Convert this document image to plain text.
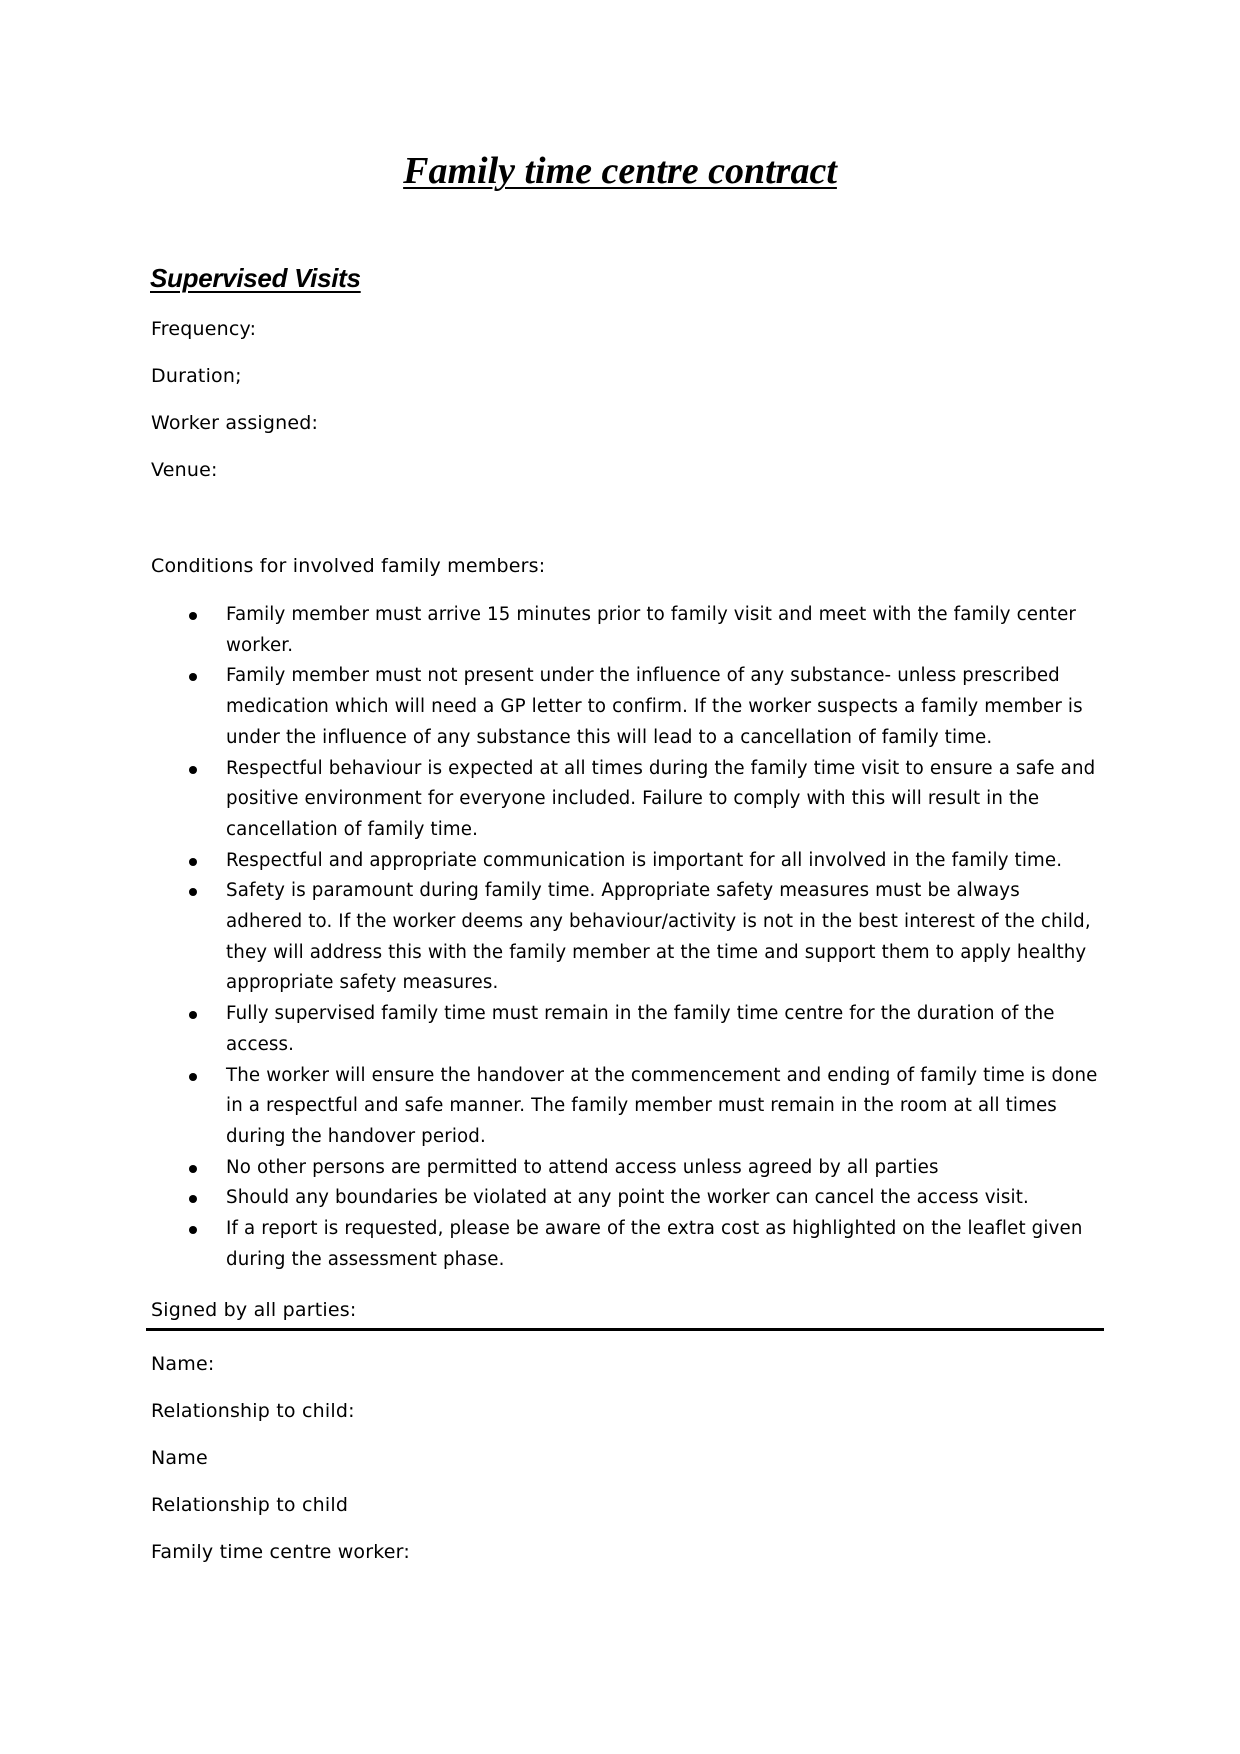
Family time centre contract
Supervised Visits
Frequency:
Duration;
Worker assigned:
Venue:
Conditions for involved family members:
Family member must arrive 15 minutes prior to family visit and meet with the family center worker.
Family member must not present under the influence of any substance- unless prescribed medication which will need a GP letter to confirm. If the worker suspects a family member is under the influence of any substance this will lead to a cancellation of family time.
Respectful behaviour is expected at all times during the family time visit to ensure a safe and positive environment for everyone included. Failure to comply with this will result in the cancellation of family time.
Respectful and appropriate communication is important for all involved in the family time.
Safety is paramount during family time. Appropriate safety measures must be always adhered to. If the worker deems any behaviour/activity is not in the best interest of the child, they will address this with the family member at the time and support them to apply healthy appropriate safety measures.
Fully supervised family time must remain in the family time centre for the duration of the access.
The worker will ensure the handover at the commencement and ending of family time is done in a respectful and safe manner. The family member must remain in the room at all times during the handover period.
No other persons are permitted to attend access unless agreed by all parties
Should any boundaries be violated at any point the worker can cancel the access visit.
If a report is requested, please be aware of the extra cost as highlighted on the leaflet given during the assessment phase.
Signed by all parties:
Name:
Relationship to child:
Name
Relationship to child
Family time centre worker:
